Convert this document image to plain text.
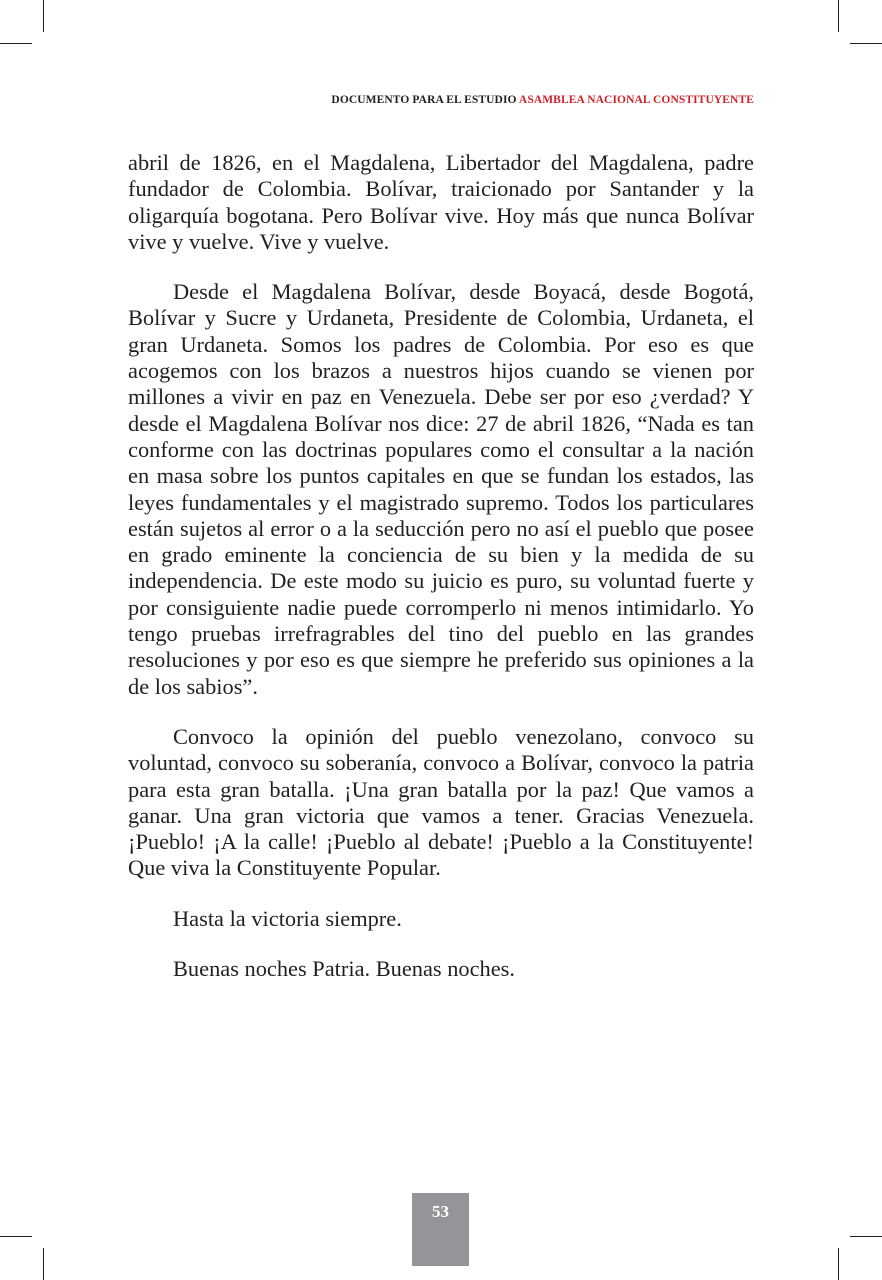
DOCUMENTO PARA EL ESTUDIO ASAMBLEA NACIONAL CONSTITUYENTE

abril de 1826, en el Magdalena, Libertador del Magdalena, padre fundador de Colombia. Bolívar, traicionado por Santander y la oligarquía bogotana. Pero Bolívar vive. Hoy más que nunca Bolívar vive y vuelve. Vive y vuelve.

Desde el Magdalena Bolívar, desde Boyacá, desde Bogotá, Bolívar y Sucre y Urdaneta, Presidente de Colombia, Urdaneta, el gran Urdaneta. Somos los padres de Colombia. Por eso es que acogemos con los brazos a nuestros hijos cuando se vienen por millones a vivir en paz en Venezuela. Debe ser por eso ¿verdad? Y desde el Magdalena Bolívar nos dice: 27 de abril 1826, “Nada es tan conforme con las doctrinas populares como el consultar a la nación en masa sobre los puntos capitales en que se fundan los estados, las leyes fundamentales y el magistrado supremo. Todos los particulares están sujetos al error o a la seducción pero no así el pueblo que posee en grado eminente la conciencia de su bien y la medida de su independencia. De este modo su juicio es puro, su voluntad fuerte y por consiguiente nadie puede corromperlo ni menos intimidarlo. Yo tengo pruebas irrefragrables del tino del pueblo en las grandes resoluciones y por eso es que siempre he preferido sus opiniones a la de los sabios”.

Convoco la opinión del pueblo venezolano, convoco su voluntad, convoco su soberanía, convoco a Bolívar, convoco la patria para esta gran batalla. ¡Una gran batalla por la paz! Que vamos a ganar. Una gran victoria que vamos a tener. Gracias Venezuela. ¡Pueblo! ¡A la calle! ¡Pueblo al debate! ¡Pueblo a la Constituyente! Que viva la Constituyente Popular.

Hasta la victoria siempre.

Buenas noches Patria. Buenas noches.

53
